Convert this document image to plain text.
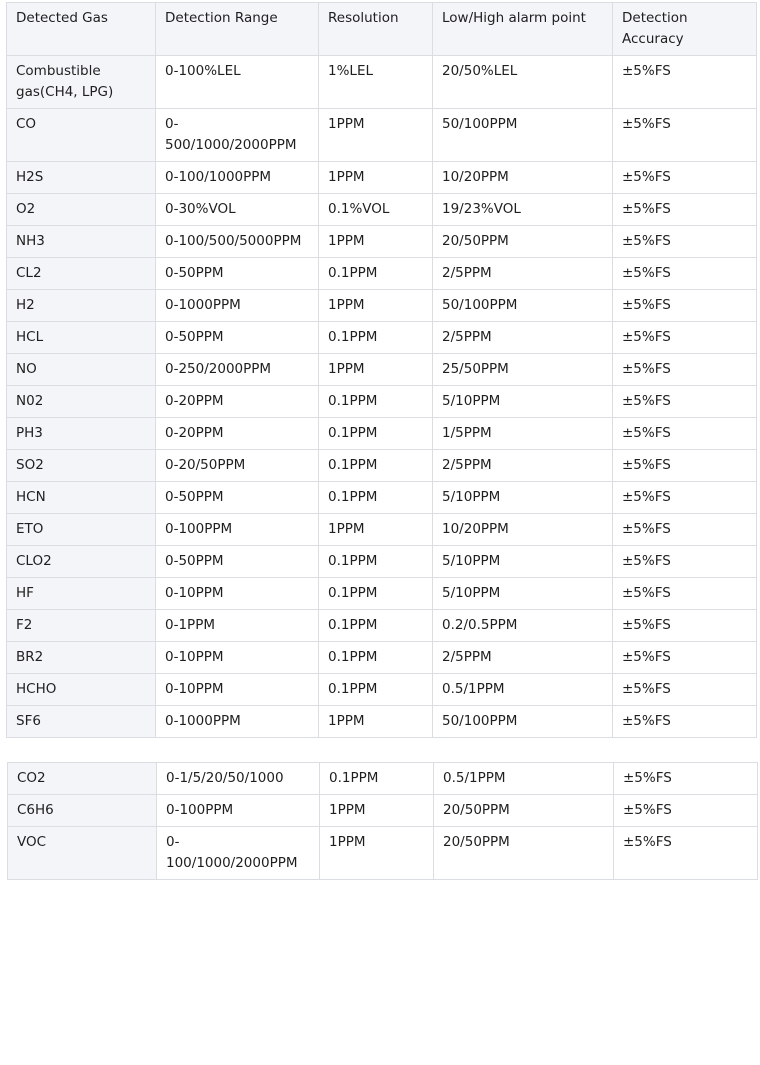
Detected Gas	Detection Range	Resolution	Low/High alarm point	Detection Accuracy
Combustible gas(CH4, LPG)	0-100%LEL	1%LEL	20/50%LEL	±5%FS
CO	0-500/1000/2000PPM	1PPM	50/100PPM	±5%FS
H2S	0-100/1000PPM	1PPM	10/20PPM	±5%FS
O2	0-30%VOL	0.1%VOL	19/23%VOL	±5%FS
NH3	0-100/500/5000PPM	1PPM	20/50PPM	±5%FS
CL2	0-50PPM	0.1PPM	2/5PPM	±5%FS
H2	0-1000PPM	1PPM	50/100PPM	±5%FS
HCL	0-50PPM	0.1PPM	2/5PPM	±5%FS
NO	0-250/2000PPM	1PPM	25/50PPM	±5%FS
N02	0-20PPM	0.1PPM	5/10PPM	±5%FS
PH3	0-20PPM	0.1PPM	1/5PPM	±5%FS
SO2	0-20/50PPM	0.1PPM	2/5PPM	±5%FS
HCN	0-50PPM	0.1PPM	5/10PPM	±5%FS
ETO	0-100PPM	1PPM	10/20PPM	±5%FS
CLO2	0-50PPM	0.1PPM	5/10PPM	±5%FS
HF	0-10PPM	0.1PPM	5/10PPM	±5%FS
F2	0-1PPM	0.1PPM	0.2/0.5PPM	±5%FS
BR2	0-10PPM	0.1PPM	2/5PPM	±5%FS
HCHO	0-10PPM	0.1PPM	0.5/1PPM	±5%FS
SF6	0-1000PPM	1PPM	50/100PPM	±5%FS
CO2	0-1/5/20/50/1000	0.1PPM	0.5/1PPM	±5%FS
C6H6	0-100PPM	1PPM	20/50PPM	±5%FS
VOC	0-100/1000/2000PPM	1PPM	20/50PPM	±5%FS
